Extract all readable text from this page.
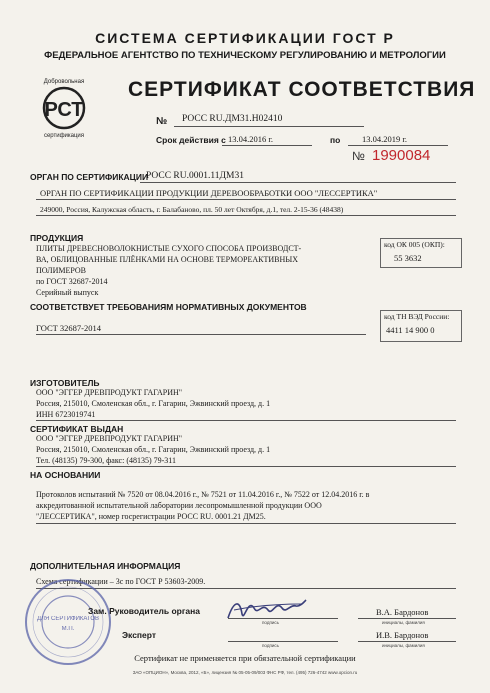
СИСТЕМА СЕРТИФИКАЦИИ ГОСТ Р
ФЕДЕРАЛЬНОЕ АГЕНТСТВО ПО ТЕХНИЧЕСКОМУ РЕГУЛИРОВАНИЮ И МЕТРОЛОГИИ
Добровольная
РСТ
сертификация
СЕРТИФИКАТ СООТВЕТСТВИЯ
№ РОСС RU.ДМ31.Н02410
Срок действия с 13.04.2016 г.	по	13.04.2019 г.
№ 1990084
ОРГАН ПО СЕРТИФИКАЦИИ
РОСС RU.0001.11ДМ31
ОРГАН ПО СЕРТИФИКАЦИИ ПРОДУКЦИИ ДЕРЕВООБРАБОТКИ ООО "ЛЕССЕРТИКА"
249000, Россия, Калужская область, г. Балабаново, пл. 50 лет Октября, д.1, тел. 2-15-36 (48438)
ПРОДУКЦИЯ
ПЛИТЫ ДРЕВЕСНОВОЛОКНИСТЫЕ СУХОГО СПОСОБА ПРОИЗВОДСТ-
ВА, ОБЛИЦОВАННЫЕ ПЛЁНКАМИ НА ОСНОВЕ ТЕРМОРЕАКТИВНЫХ
ПОЛИМЕРОВ
по ГОСТ 32687-2014
Серийный выпуск
код ОК 005 (ОКП):
55 3632
СООТВЕТСТВУЕТ ТРЕБОВАНИЯМ НОРМАТИВНЫХ ДОКУМЕНТОВ
ГОСТ 32687-2014
код ТН ВЭД России:
4411 14 900 0
ИЗГОТОВИТЕЛЬ
ООО "ЭГГЕР ДРЕВПРОДУКТ ГАГАРИН"
Россия, 215010, Смоленская обл., г. Гагарин, Эжвинский проезд, д. 1
ИНН 6723019741
СЕРТИФИКАТ ВЫДАН
ООО "ЭГГЕР ДРЕВПРОДУКТ ГАГАРИН"
Россия, 215010, Смоленская обл., г. Гагарин, Эжвинский проезд, д. 1
Тел. (48135) 79-300, факс: (48135) 79-311
НА ОСНОВАНИИ
Протоколов испытаний № 7520 от 08.04.2016 г., № 7521 от 11.04.2016 г., № 7522 от 12.04.2016 г. в
аккредитованной испытательной лаборатории лесопромышленной продукции ООО
"ЛЕССЕРТИКА", номер госрегистрации РОСС RU. 0001.21 ДМ25.
ДОПОЛНИТЕЛЬНАЯ ИНФОРМАЦИЯ
Схема сертификации – 3с по ГОСТ Р 53603-2009.
ДЛЯ СЕРТИФИКАТОВ
М.П.
Зам. Руководитель органа
подпись
В.А. Бардонов
инициалы, фамилия
Эксперт
подпись
И.В. Бардонов
инициалы, фамилия
Сертификат не применяется при обязательной сертификации
ЗАО «ОПЦИОН», Москва, 2012, «Б», лицензия № 05-05-09/003 ФНС РФ, тел. (495) 726-4742 www.opcion.ru
